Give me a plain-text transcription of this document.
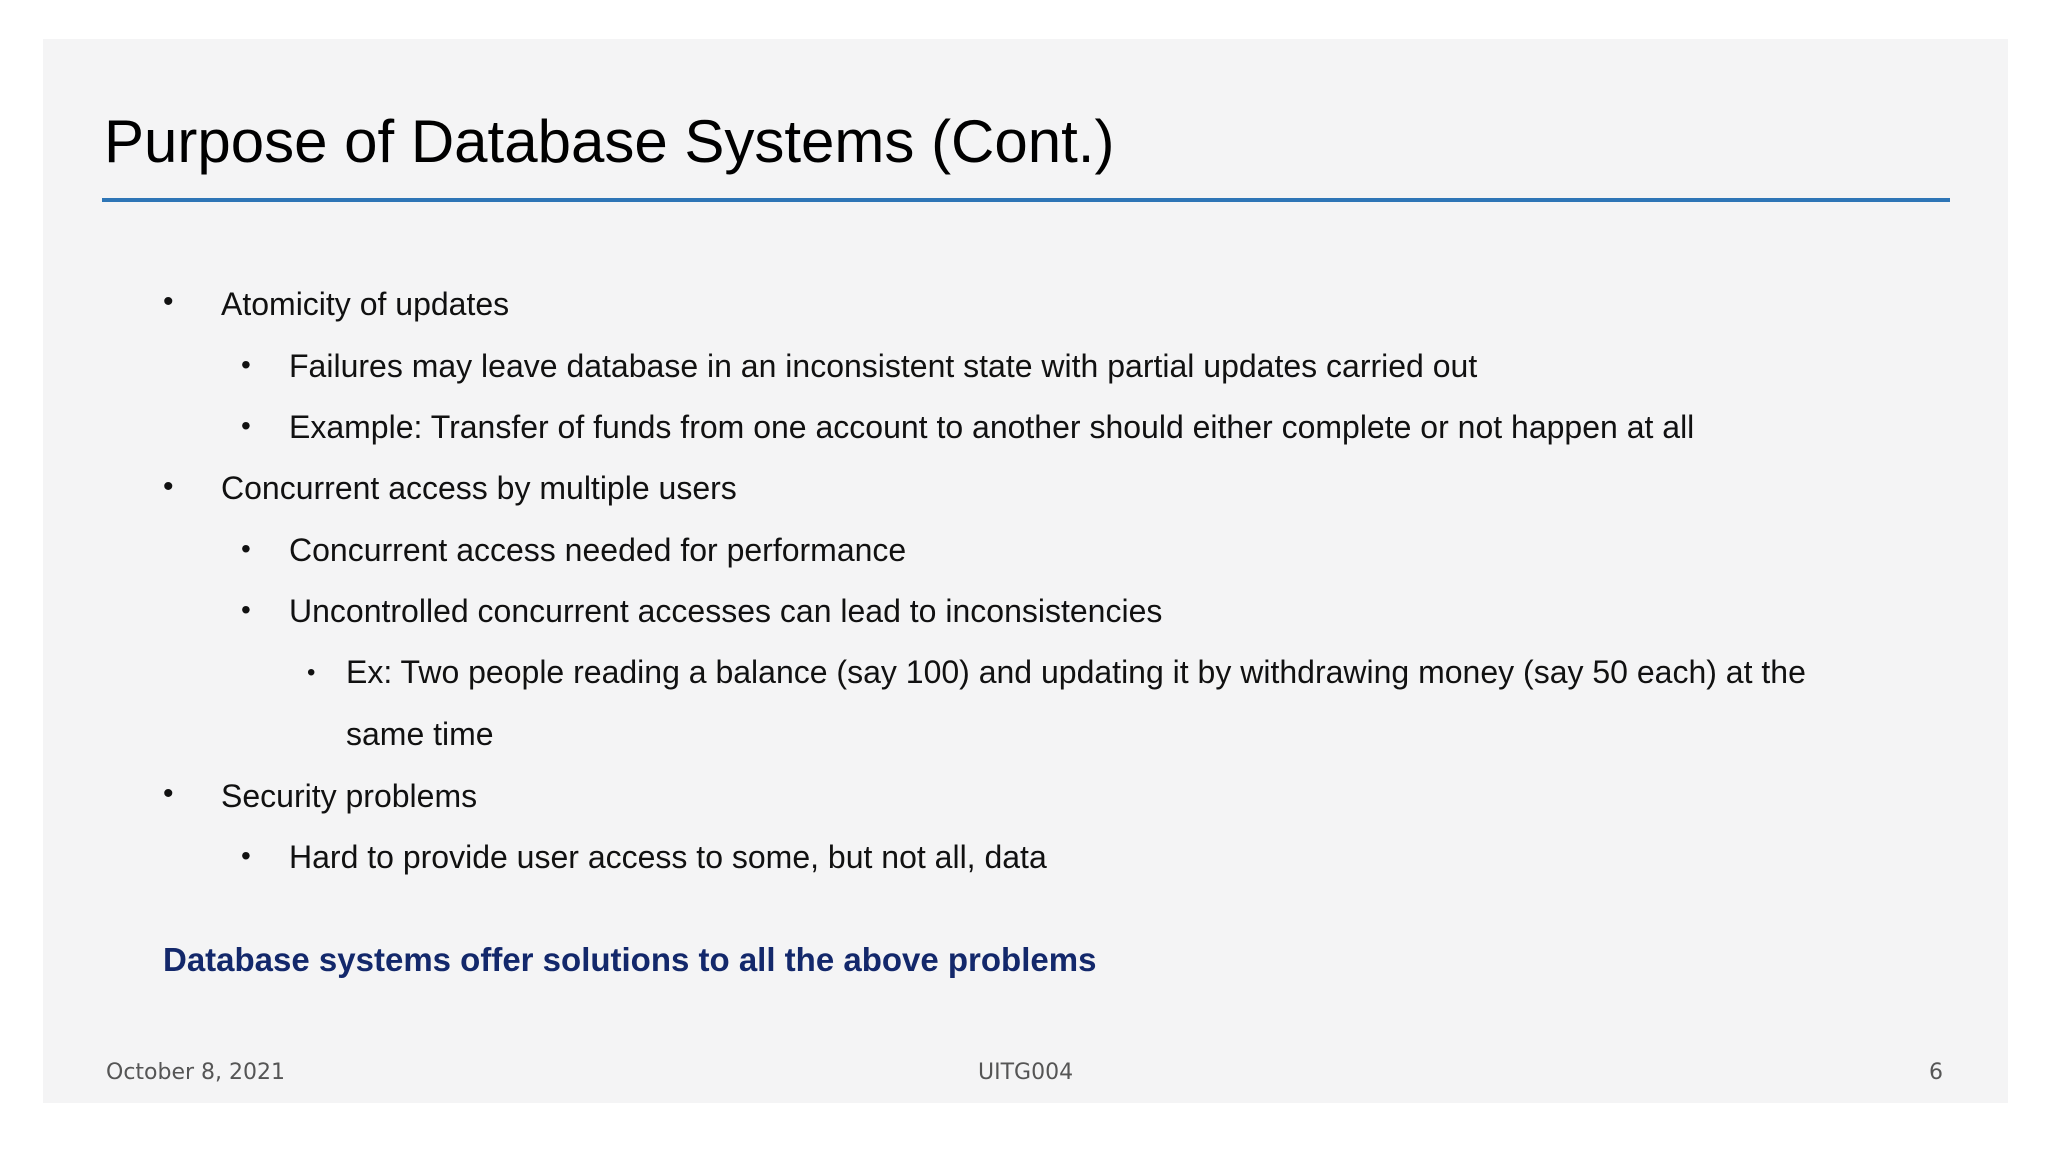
Purpose of Database Systems (Cont.)
• Atomicity of updates
• Failures may leave database in an inconsistent state with partial updates carried out
• Example: Transfer of funds from one account to another should either complete or not happen at all
• Concurrent access by multiple users
• Concurrent access needed for performance
• Uncontrolled concurrent accesses can lead to inconsistencies
• Ex: Two people reading a balance (say 100) and updating it by withdrawing money (say 50 each) at the
same time
• Security problems
• Hard to provide user access to some, but not all, data
Database systems offer solutions to all the above problems
October 8, 2021	UITG004	6
